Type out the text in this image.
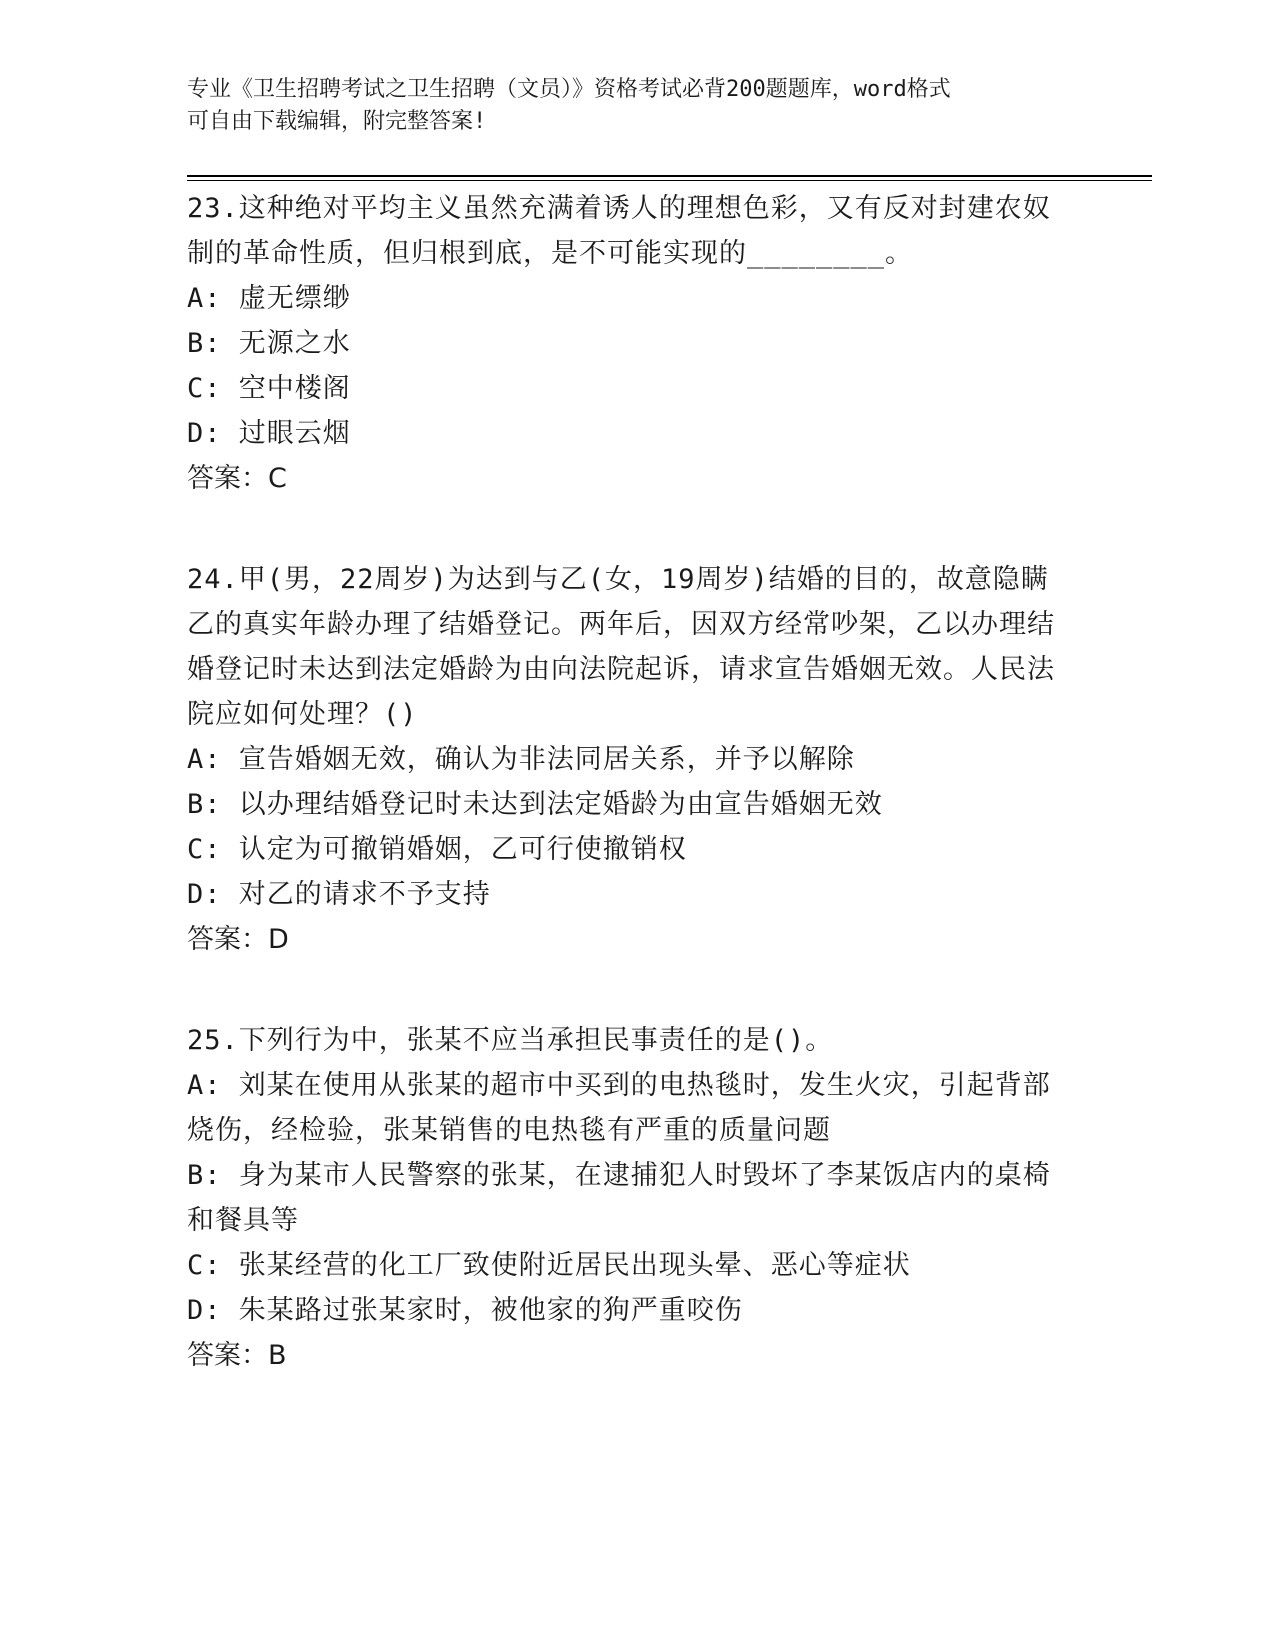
专业《卫生招聘考试之卫生招聘（文员）》资格考试必背200题题库，word格式
可自由下载编辑，附完整答案!
23.这种绝对平均主义虽然充满着诱人的理想色彩，又有反对封建农奴制的革命性质，但归根到底，是不可能实现的________。
A: 虚无缥缈
B: 无源之水
C: 空中楼阁
D: 过眼云烟
答案：C
24.甲(男，22周岁)为达到与乙(女，19周岁)结婚的目的，故意隐瞒乙的真实年龄办理了结婚登记。两年后，因双方经常吵架，乙以办理结婚登记时未达到法定婚龄为由向法院起诉，请求宣告婚姻无效。人民法院应如何处理？()
A: 宣告婚姻无效，确认为非法同居关系，并予以解除
B: 以办理结婚登记时未达到法定婚龄为由宣告婚姻无效
C: 认定为可撤销婚姻，乙可行使撤销权
D: 对乙的请求不予支持
答案：D
25.下列行为中，张某不应当承担民事责任的是()。
A: 刘某在使用从张某的超市中买到的电热毯时，发生火灾，引起背部烧伤，经检验，张某销售的电热毯有严重的质量问题
B: 身为某市人民警察的张某，在逮捕犯人时毁坏了李某饭店内的桌椅和餐具等
C: 张某经营的化工厂致使附近居民出现头晕、恶心等症状
D: 朱某路过张某家时，被他家的狗严重咬伤
答案：B
